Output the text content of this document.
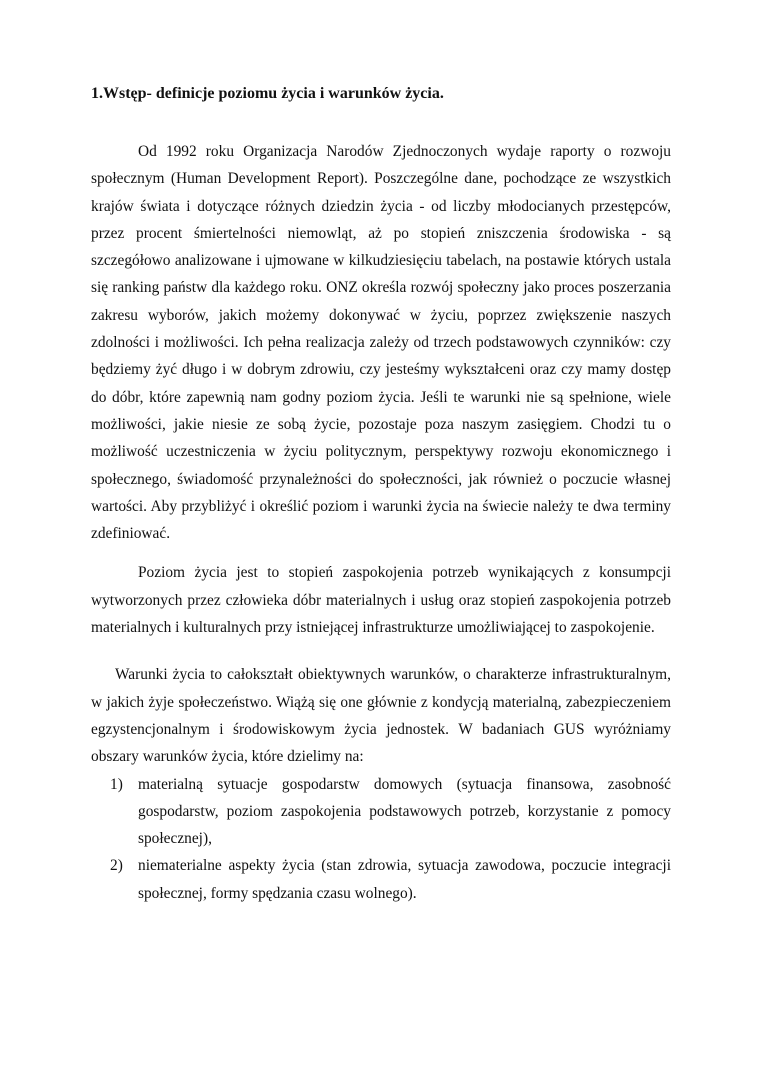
1.Wstęp- definicje poziomu życia i warunków życia.

Od 1992 roku Organizacja Narodów Zjednoczonych wydaje raporty o rozwoju społecznym (Human Development Report). Poszczególne dane, pochodzące ze wszystkich krajów świata i dotyczące różnych dziedzin życia - od liczby młodocianych przestępców, przez procent śmiertelności niemowląt, aż po stopień zniszczenia środowiska - są szczegółowo analizowane i ujmowane w kilkudziesięciu tabelach, na postawie których ustala się ranking państw dla każdego roku. ONZ określa rozwój społeczny jako proces poszerzania zakresu wyborów, jakich możemy dokonywać w życiu, poprzez zwiększenie naszych zdolności i możliwości. Ich pełna realizacja zależy od trzech podstawowych czynników: czy będziemy żyć długo i w dobrym zdrowiu, czy jesteśmy wykształceni oraz czy mamy dostęp do dóbr, które zapewnią nam godny poziom życia. Jeśli te warunki nie są spełnione, wiele możliwości, jakie niesie ze sobą życie, pozostaje poza naszym zasięgiem. Chodzi tu o możliwość uczestniczenia w życiu politycznym, perspektywy rozwoju ekonomicznego i społecznego, świadomość przynależności do społeczności, jak również o poczucie własnej wartości. Aby przybliżyć i określić poziom i warunki życia na świecie należy te dwa terminy zdefiniować.

Poziom życia jest to stopień zaspokojenia potrzeb wynikających z konsumpcji wytworzonych przez człowieka dóbr materialnych i usług oraz stopień zaspokojenia potrzeb materialnych i kulturalnych przy istniejącej infrastrukturze umożliwiającej to zaspokojenie.

Warunki życia to całokształt obiektywnych warunków, o charakterze infrastrukturalnym, w jakich żyje społeczeństwo. Wiążą się one głównie z kondycją materialną, zabezpieczeniem egzystencjonalnym i środowiskowym życia jednostek. W badaniach GUS wyróżniamy obszary warunków życia, które dzielimy na:

1) materialną sytuacje gospodarstw domowych (sytuacja finansowa, zasobność gospodarstw, poziom zaspokojenia podstawowych potrzeb, korzystanie z pomocy społecznej),
2) niematerialne aspekty życia (stan zdrowia, sytuacja zawodowa, poczucie integracji społecznej, formy spędzania czasu wolnego).
